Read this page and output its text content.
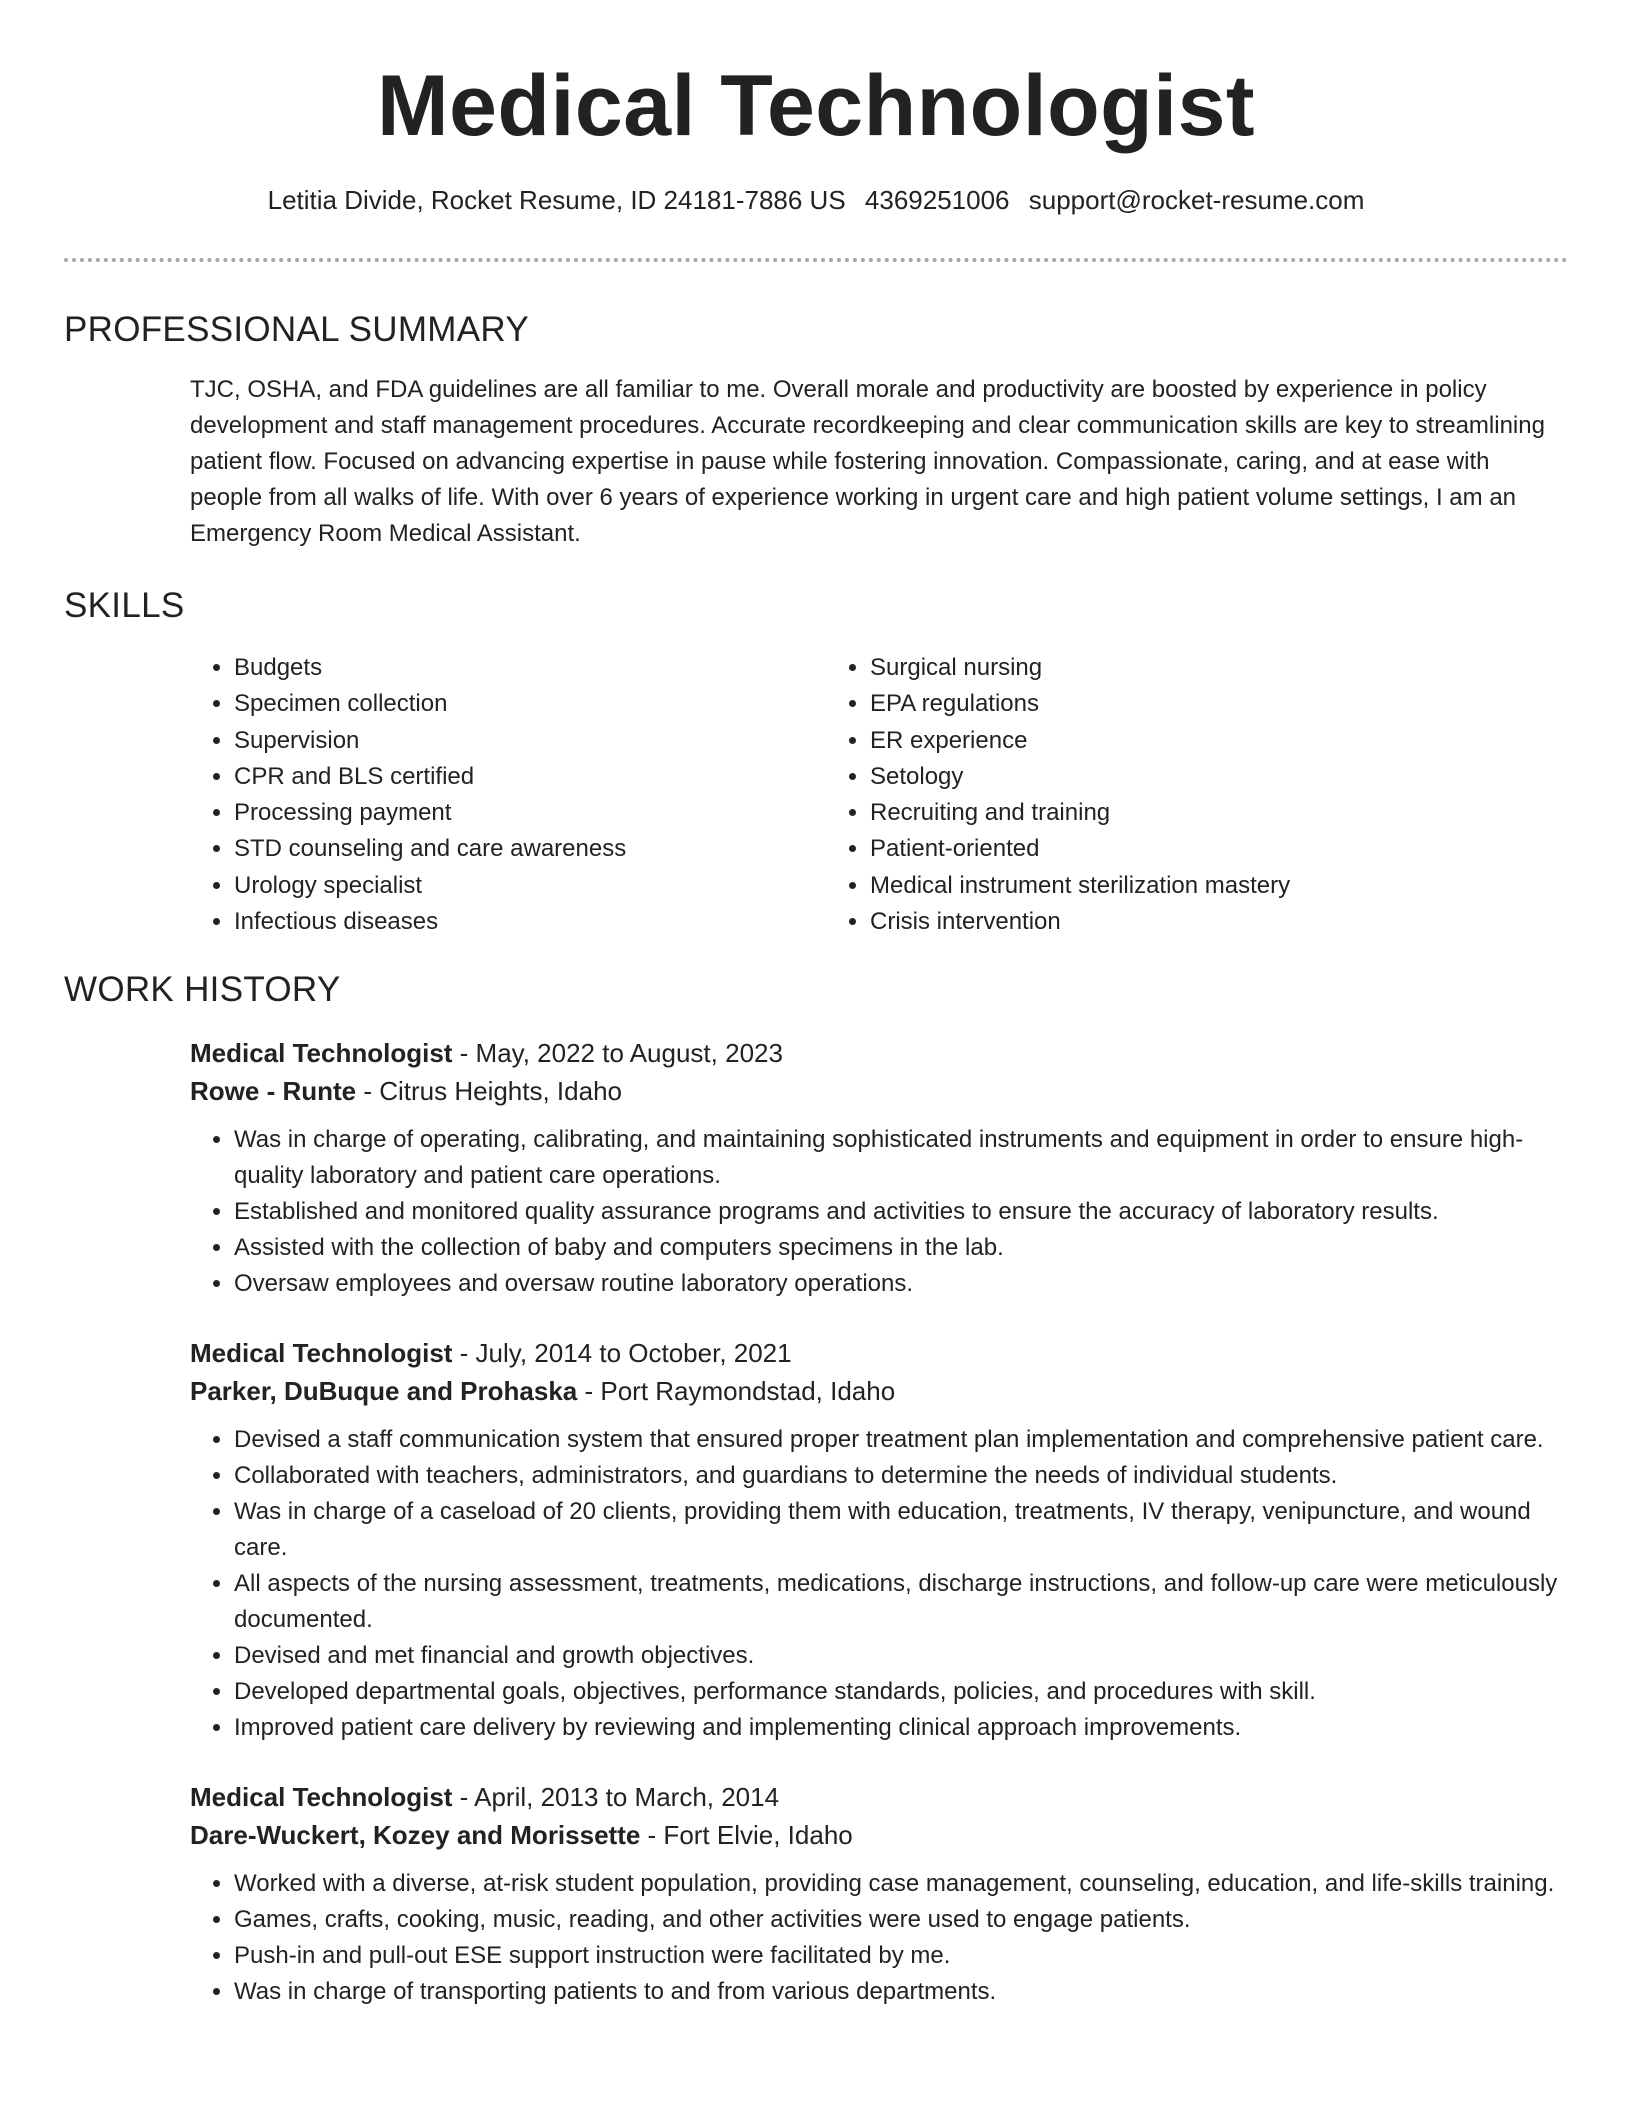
Medical Technologist
Letitia Divide, Rocket Resume, ID 24181-7886 US 4369251006 support@rocket-resume.com
PROFESSIONAL SUMMARY

TJC, OSHA, and FDA guidelines are all familiar to me. Overall morale and productivity are boosted by experience in policy development and staff management procedures. Accurate recordkeeping and clear communication skills are key to streamlining patient flow. Focused on advancing expertise in pause while fostering innovation. Compassionate, caring, and at ease with people from all walks of life. With over 6 years of experience working in urgent care and high patient volume settings, I am an Emergency Room Medical Assistant.

SKILLS
• Budgets
• Specimen collection
• Supervision
• CPR and BLS certified
• Processing payment
• STD counseling and care awareness
• Urology specialist
• Infectious diseases
• Surgical nursing
• EPA regulations
• ER experience
• Setology
• Recruiting and training
• Patient-oriented
• Medical instrument sterilization mastery
• Crisis intervention
WORK HISTORY
Medical Technologist - May, 2022 to August, 2023
Rowe - Runte - Citrus Heights, Idaho
• Was in charge of operating, calibrating, and maintaining sophisticated instruments and equipment in order to ensure high-quality laboratory and patient care operations.
• Established and monitored quality assurance programs and activities to ensure the accuracy of laboratory results.
• Assisted with the collection of baby and computers specimens in the lab.
• Oversaw employees and oversaw routine laboratory operations.
Medical Technologist - July, 2014 to October, 2021
Parker, DuBuque and Prohaska - Port Raymondstad, Idaho
• Devised a staff communication system that ensured proper treatment plan implementation and comprehensive patient care.
• Collaborated with teachers, administrators, and guardians to determine the needs of individual students.
• Was in charge of a caseload of 20 clients, providing them with education, treatments, IV therapy, venipuncture, and wound care.
• All aspects of the nursing assessment, treatments, medications, discharge instructions, and follow-up care were meticulously documented.
• Devised and met financial and growth objectives.
• Developed departmental goals, objectives, performance standards, policies, and procedures with skill.
• Improved patient care delivery by reviewing and implementing clinical approach improvements.
Medical Technologist - April, 2013 to March, 2014
Dare-Wuckert, Kozey and Morissette - Fort Elvie, Idaho
• Worked with a diverse, at-risk student population, providing case management, counseling, education, and life-skills training.
• Games, crafts, cooking, music, reading, and other activities were used to engage patients.
• Push-in and pull-out ESE support instruction were facilitated by me.
• Was in charge of transporting patients to and from various departments.
